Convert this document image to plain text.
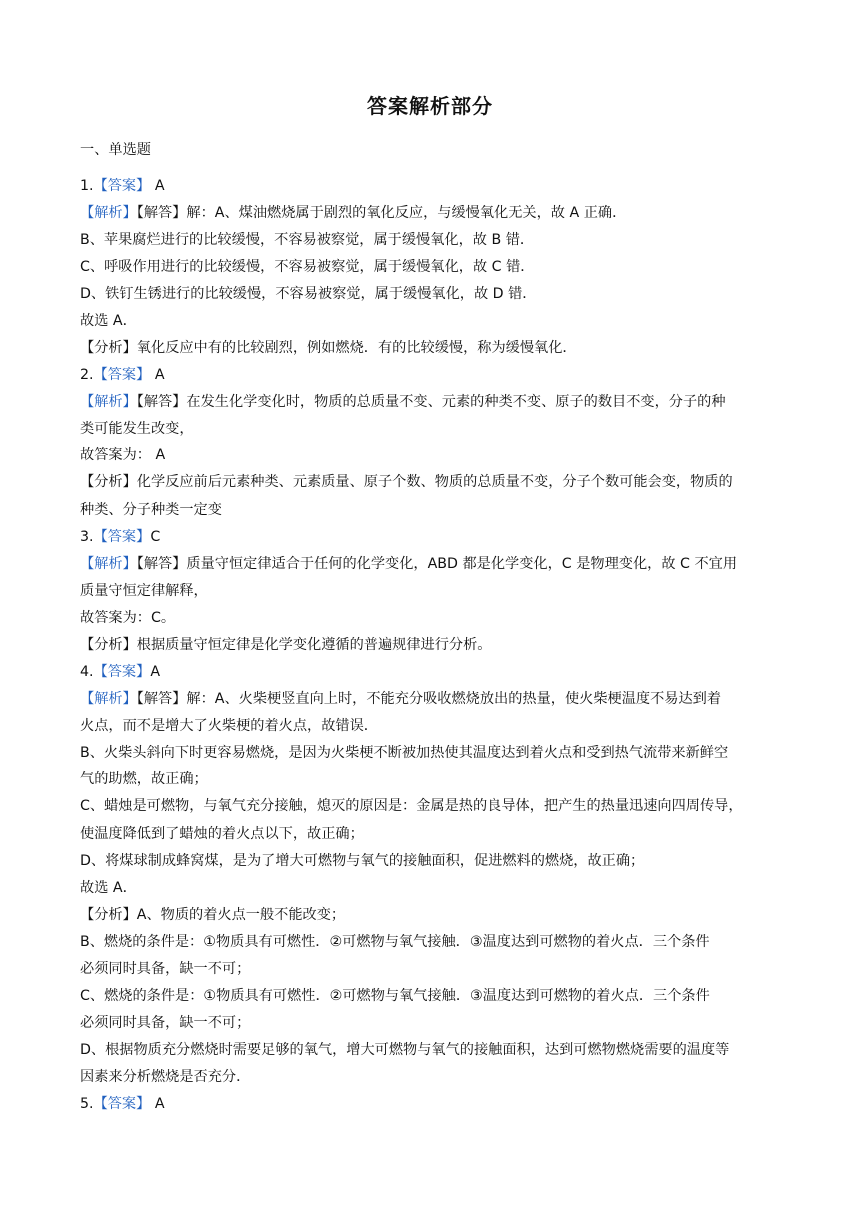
答案解析部分
一、单选题
1.【答案】 A
【解析】【解答】解：A、煤油燃烧属于剧烈的氧化反应，与缓慢氧化无关，故 A 正确．
B、苹果腐烂进行的比较缓慢，不容易被察觉，属于缓慢氧化，故 B 错．
C、呼吸作用进行的比较缓慢，不容易被察觉，属于缓慢氧化，故 C 错．
D、铁钉生锈进行的比较缓慢，不容易被察觉，属于缓慢氧化，故 D 错．
故选 A．
【分析】氧化反应中有的比较剧烈，例如燃烧．有的比较缓慢，称为缓慢氧化．
2.【答案】 A
【解析】【解答】在发生化学变化时，物质的总质量不变、元素的种类不变、原子的数目不变，分子的种
类可能发生改变，
故答案为： A
【分析】化学反应前后元素种类、元素质量、原子个数、物质的总质量不变，分子个数可能会变，物质的
种类、分子种类一定变
3.【答案】C
【解析】【解答】质量守恒定律适合于任何的化学变化，ABD 都是化学变化，C 是物理变化，故 C 不宜用
质量守恒定律解释，
故答案为：C。
【分析】根据质量守恒定律是化学变化遵循的普遍规律进行分析。
4.【答案】A
【解析】【解答】解：A、火柴梗竖直向上时，不能充分吸收燃烧放出的热量，使火柴梗温度不易达到着
火点，而不是增大了火柴梗的着火点，故错误．
B、火柴头斜向下时更容易燃烧，是因为火柴梗不断被加热使其温度达到着火点和受到热气流带来新鲜空
气的助燃，故正确；
C、蜡烛是可燃物，与氧气充分接触，熄灭的原因是：金属是热的良导体，把产生的热量迅速向四周传导，
使温度降低到了蜡烛的着火点以下，故正确；
D、将煤球制成蜂窝煤，是为了增大可燃物与氧气的接触面积，促进燃料的燃烧，故正确；
故选 A．
【分析】A、物质的着火点一般不能改变；
B、燃烧的条件是：①物质具有可燃性．②可燃物与氧气接触．③温度达到可燃物的着火点．三个条件
必须同时具备，缺一不可；
C、燃烧的条件是：①物质具有可燃性．②可燃物与氧气接触．③温度达到可燃物的着火点．三个条件
必须同时具备，缺一不可；
D、根据物质充分燃烧时需要足够的氧气，增大可燃物与氧气的接触面积，达到可燃物燃烧需要的温度等
因素来分析燃烧是否充分．
5.【答案】 A
